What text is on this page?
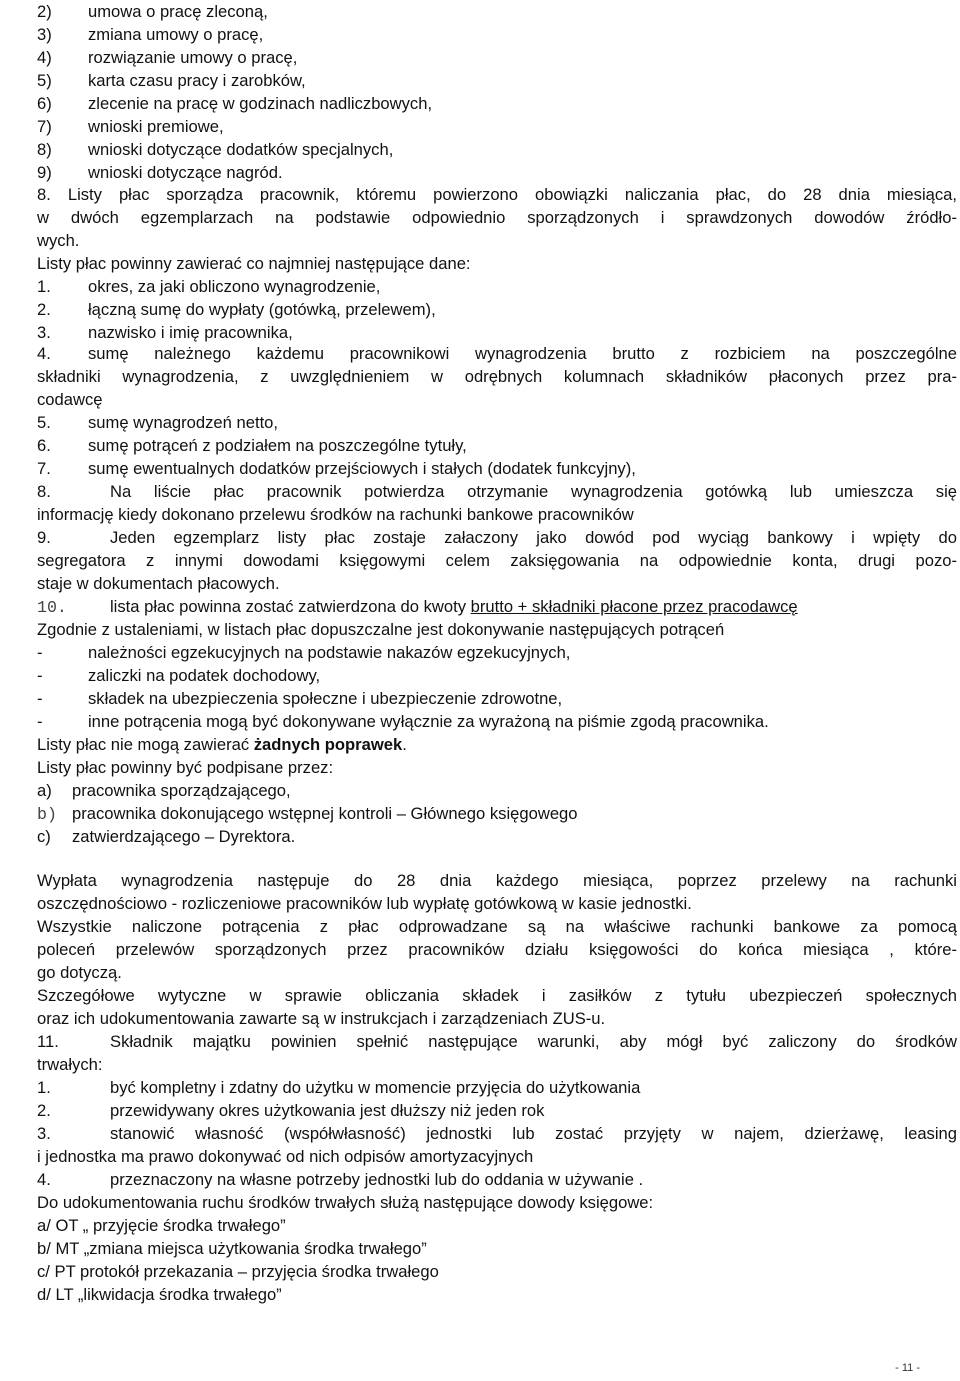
2) umowa o pracę zleconą,
3) zmiana umowy o pracę,
4) rozwiązanie umowy o pracę,
5) karta czasu pracy i zarobków,
6) zlecenie na pracę w godzinach nadliczbowych,
7) wnioski premiowe,
8) wnioski dotyczące dodatków specjalnych,
9) wnioski dotyczące nagród.
8. Listy płac sporządza pracownik, któremu powierzono obowiązki naliczania płac, do 28 dnia miesiąca,
w dwóch egzemplarzach na podstawie odpowiednio sporządzonych i sprawdzonych dowodów źródło-
wych.
Listy płac powinny zawierać co najmniej następujące dane:
1. okres, za jaki obliczono wynagrodzenie,
2. łączną sumę do wypłaty (gotówką, przelewem),
3. nazwisko i imię pracownika,
4. sumę należnego każdemu pracownikowi wynagrodzenia brutto z rozbiciem na poszczególne
składniki wynagrodzenia, z uwzględnieniem w odrębnych kolumnach składników płaconych przez pra-
codawcę
5. sumę wynagrodzeń netto,
6. sumę potrąceń z podziałem na poszczególne tytuły,
7. sumę ewentualnych dodatków przejściowych i stałych (dodatek funkcyjny),
8.	Na liście płac pracownik potwierdza otrzymanie wynagrodzenia gotówką lub umieszcza się
informację kiedy dokonano przelewu środków na rachunki bankowe pracowników
9.	Jeden egzemplarz listy płac zostaje załaczony jako dowód pod wyciąg bankowy i wpięty do
segregatora z innymi dowodami księgowymi celem zaksięgowania na odpowiednie konta, drugi pozo-
staje w dokumentach płacowych.
10.	lista płac powinna zostać zatwierdzona do kwoty brutto + składniki płacone przez pracodawcę
Zgodnie z ustaleniami, w listach płac dopuszczalne jest dokonywanie następujących potrąceń
-	należności egzekucyjnych na podstawie nakazów egzekucyjnych,
-	zaliczki na podatek dochodowy,
-	składek na ubezpieczenia społeczne i ubezpieczenie zdrowotne,
-	inne potrącenia mogą być dokonywane wyłącznie za wyrażoną na piśmie zgodą pracownika.
Listy płac nie mogą zawierać żadnych poprawek.
Listy płac powinny być podpisane przez:
a) pracownika sporządzającego,
b) pracownika dokonującego wstępnej kontroli – Głównego księgowego
c) zatwierdzającego – Dyrektora.
Wypłata wynagrodzenia następuje do 28 dnia każdego miesiąca, poprzez przelewy na rachunki
oszczędnościowo - rozliczeniowe pracowników lub wypłatę gotówkową w kasie jednostki.
Wszystkie naliczone potrącenia z płac odprowadzane są na właściwe rachunki bankowe za pomocą
poleceń przelewów sporządzonych przez pracowników działu księgowości do końca miesiąca , które-
go dotyczą.
Szczegółowe wytyczne w sprawie obliczania składek i zasiłków z tytułu ubezpieczeń społecznych
oraz ich udokumentowania zawarte są w instrukcjach i zarządzeniach ZUS-u.
11.	Składnik majątku powinien spełnić następujące warunki, aby mógł być zaliczony do środków
trwałych:
1.	być kompletny i zdatny do użytku w momencie przyjęcia do użytkowania
2.	przewidywany okres użytkowania jest dłuższy niż jeden rok
3.	stanowić własność (współwłasność) jednostki lub zostać przyjęty w najem, dzierżawę, leasing
i jednostka ma prawo dokonywać od nich odpisów amortyzacyjnych
4.	przeznaczony na własne potrzeby jednostki lub do oddania w używanie .
Do udokumentowania ruchu środków trwałych służą następujące dowody księgowe:
a/ OT „ przyjęcie środka trwałego”
b/ MT „zmiana miejsca użytkowania środka trwałego”
c/ PT protokół przekazania – przyjęcia środka trwałego
d/ LT „likwidacja środka trwałego”
- 11 -
